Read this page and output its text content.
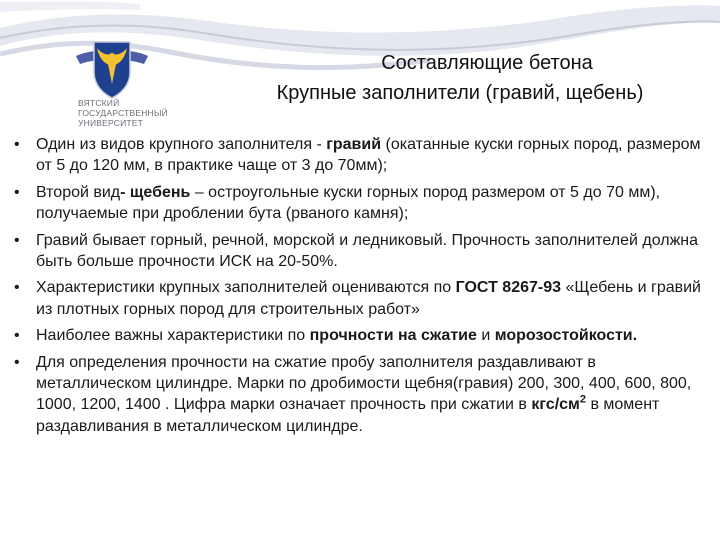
ВЯТСКИЙ
ГОСУДАРСТВЕННЫЙ
УНИВЕРСИТЕТ
Составляющие бетона
Крупные заполнители (гравий, щебень)
• Один из видов крупного заполнителя - гравий (окатанные куски горных пород, размером от 5 до 120 мм, в практике чаще от 3 до 70мм);
• Второй вид- щебень – остроугольные куски горных пород размером от 5 до 70 мм), получаемые при дроблении бута (рваного камня);
• Гравий бывает горный, речной, морской и ледниковый. Прочность заполнителей должна быть больше прочности ИСК на 20-50%.
• Характеристики крупных заполнителей оцениваются по ГОСТ 8267-93 «Щебень и гравий из плотных горных пород для строительных работ»
• Наиболее важны характеристики по прочности на сжатие и морозостойкости.
• Для определения прочности на сжатие пробу заполнителя раздавливают в металлическом цилиндре. Марки по дробимости щебня(гравия) 200, 300, 400, 600, 800, 1000, 1200, 1400 . Цифра марки означает прочность при сжатии в кгс/$см^2$ в момент раздавливания в металлическом цилиндре.
